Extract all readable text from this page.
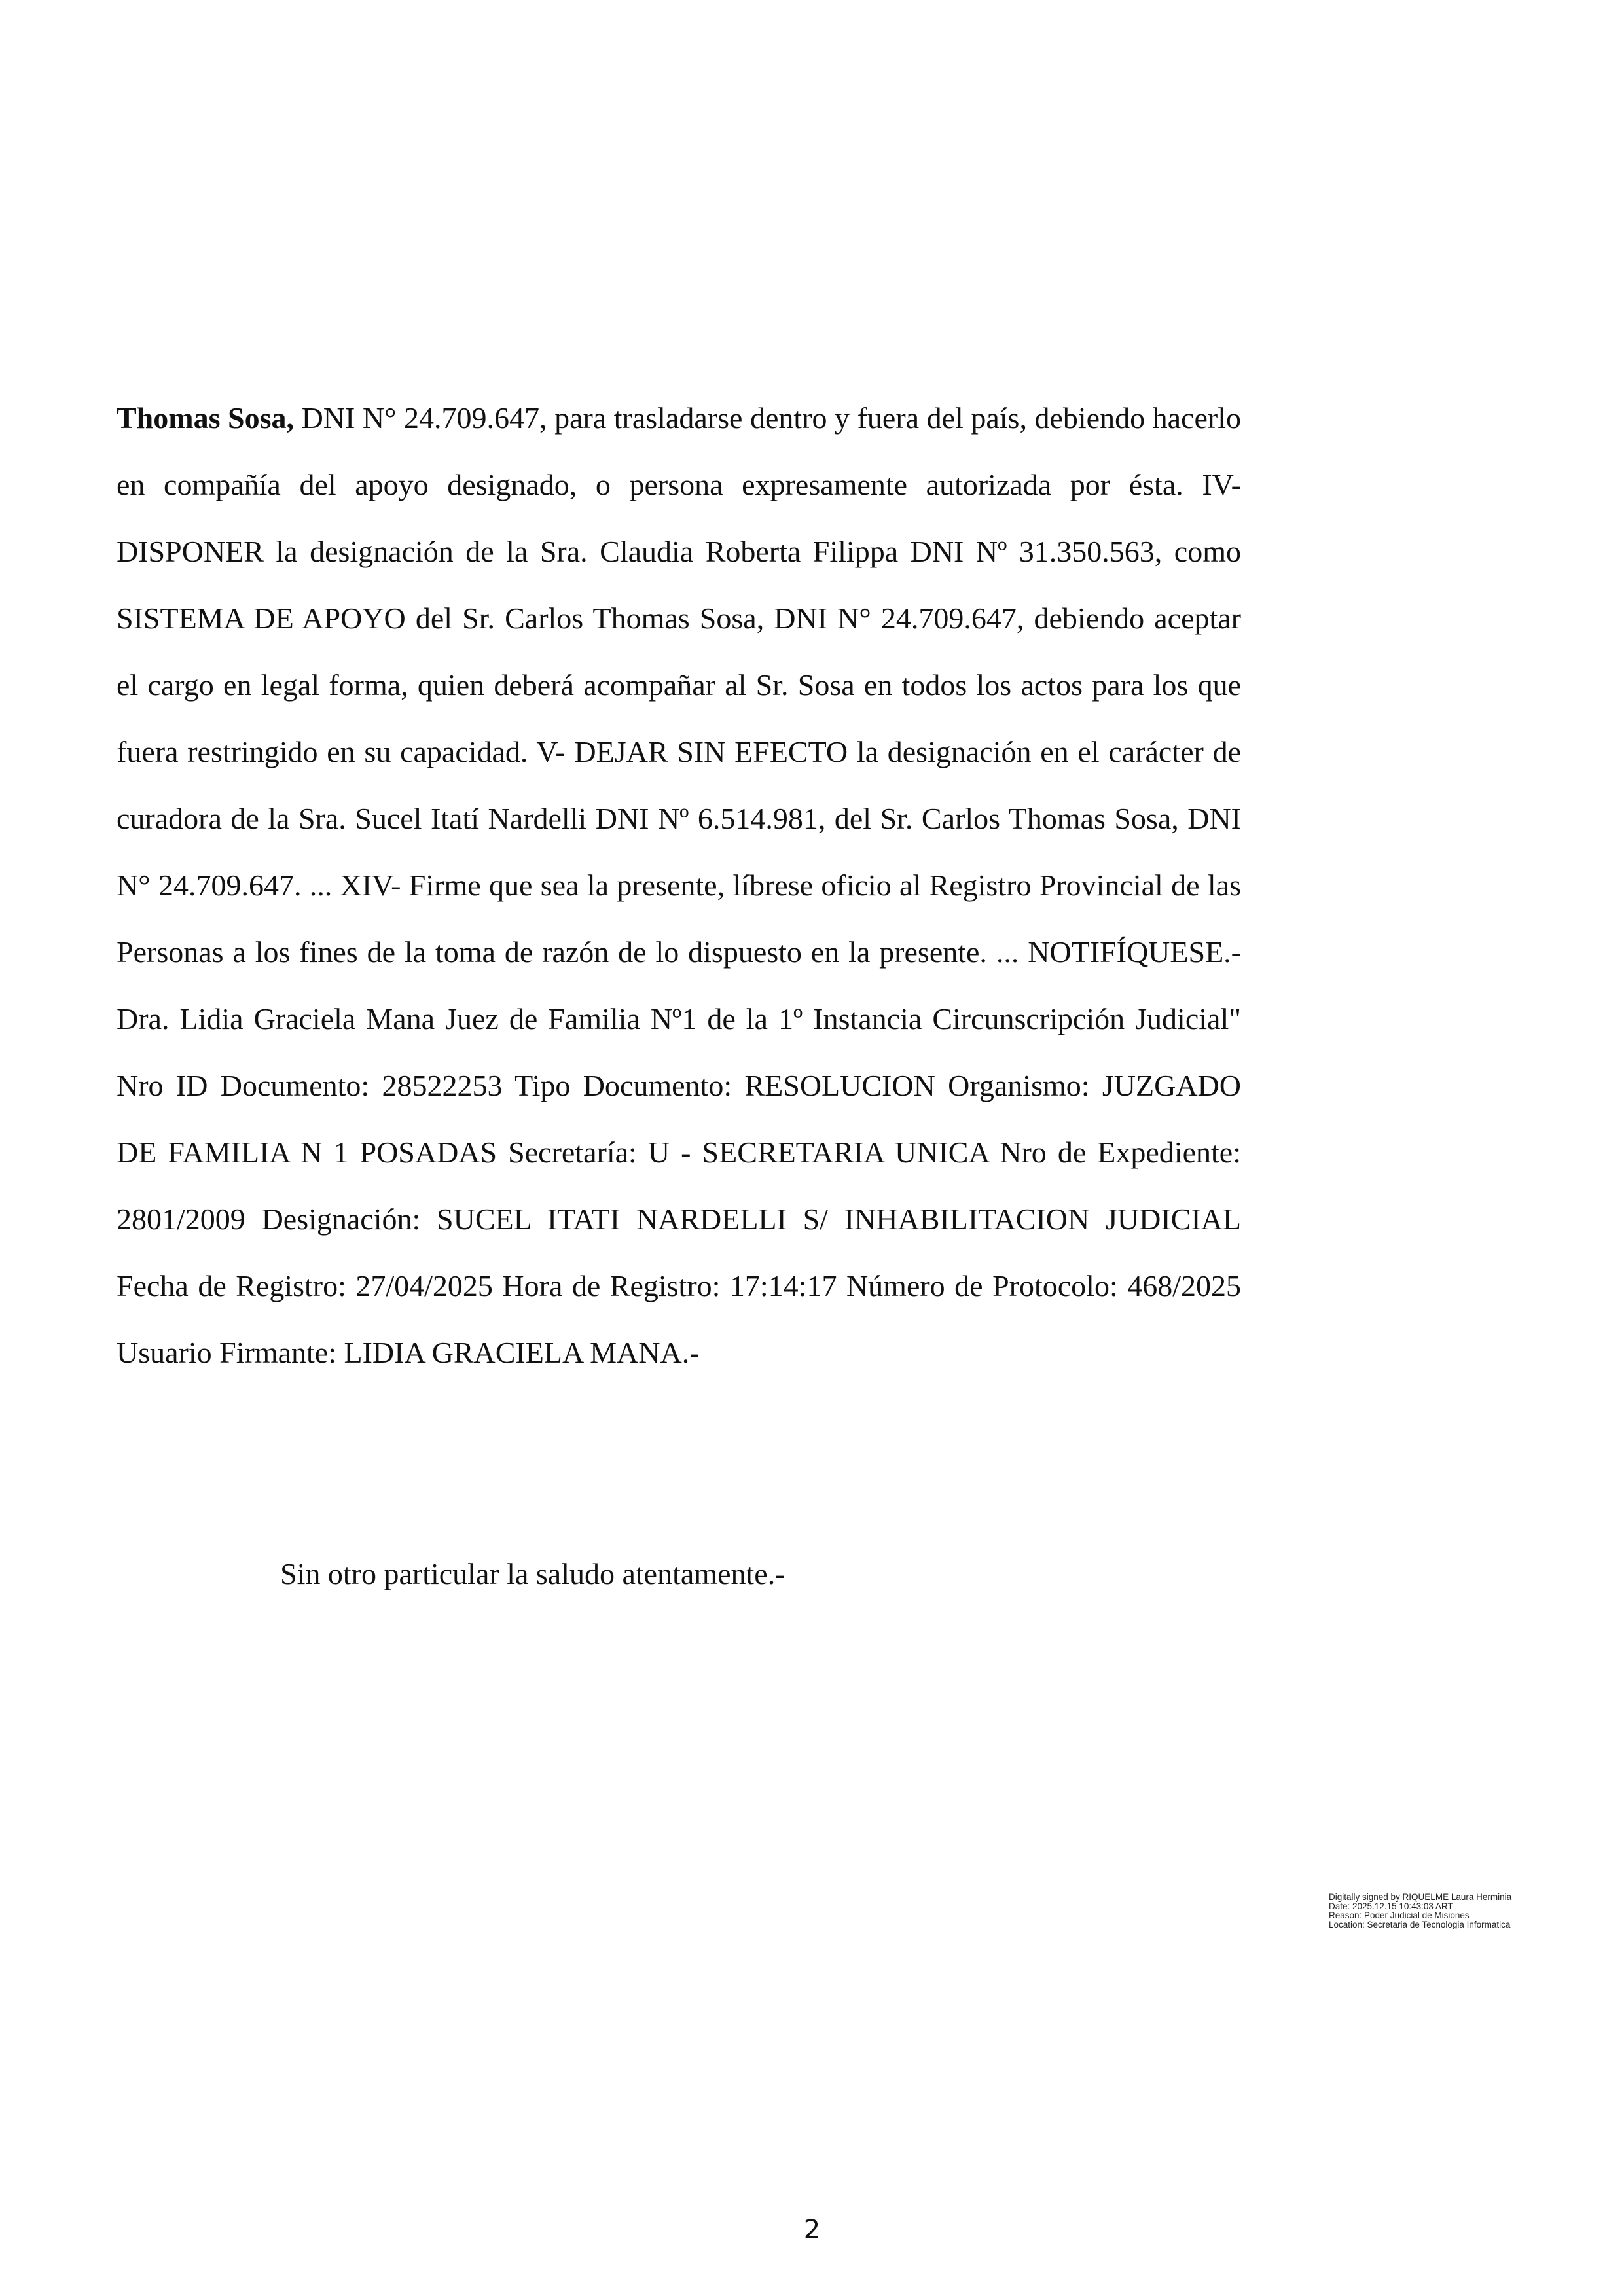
Thomas Sosa, DNI N° 24.709.647, para trasladarse dentro y fuera del país, debiendo hacerlo en compañía del apoyo designado, o persona expresamente autorizada por ésta. IV- DISPONER la designación de la Sra. Claudia Roberta Filippa DNI Nº 31.350.563, como SISTEMA DE APOYO del Sr. Carlos Thomas Sosa, DNI N° 24.709.647, debiendo aceptar el cargo en legal forma, quien deberá acompañar al Sr. Sosa en todos los actos para los que fuera restringido en su capacidad. V- DEJAR SIN EFECTO la designación en el carácter de curadora de la Sra. Sucel Itatí Nardelli DNI Nº 6.514.981, del Sr. Carlos Thomas Sosa, DNI N° 24.709.647. ... XIV- Firme que sea la presente, líbrese oficio al Registro Provincial de las Personas a los fines de la toma de razón de lo dispuesto en la presente. ... NOTIFÍQUESE.- Dra. Lidia Graciela Mana Juez de Familia Nº1 de la 1º Instancia Circunscripción Judicial" Nro ID Documento: 28522253 Tipo Documento: RESOLUCION Organismo: JUZGADO DE FAMILIA N 1 POSADAS Secretaría: U - SECRETARIA UNICA Nro de Expediente: 2801/2009 Designación: SUCEL ITATI NARDELLI S/ INHABILITACION JUDICIAL Fecha de Registro: 27/04/2025 Hora de Registro: 17:14:17 Número de Protocolo: 468/2025 Usuario Firmante: LIDIA GRACIELA MANA.-

Sin otro particular la saludo atentamente.-

Digitally signed by RIQUELME Laura Herminia
Date: 2025.12.15 10:43:03 ART
Reason: Poder Judicial de Misiones
Location: Secretaria de Tecnologia Informatica
2
